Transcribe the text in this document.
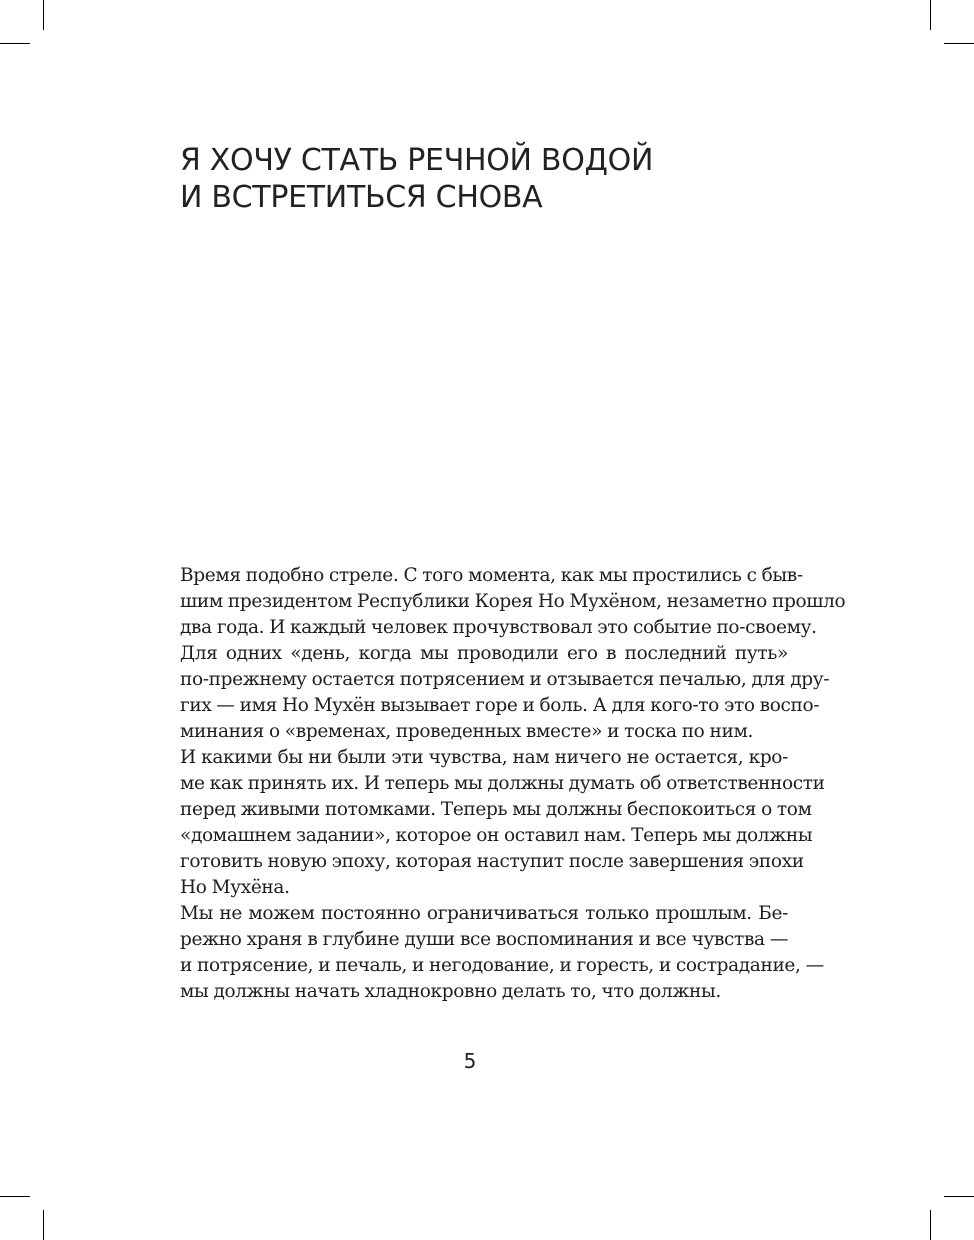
Я ХОЧУ СТАТЬ РЕЧНОЙ ВОДОЙ
И ВСТРЕТИТЬСЯ СНОВА

Время подобно стреле. С того момента, как мы простились с быв-
шим президентом Республики Корея Но Мухёном, незаметно прошло
два года. И каждый человек прочувствовал это событие по-своему.

Для одних «день, когда мы проводили его в последний путь»
по-прежнему остается потрясением и отзывается печалью, для дру-
гих — имя Но Мухён вызывает горе и боль. А для кого-то это воспо-
минания о «временах, проведенных вместе» и тоска по ним.

И какими бы ни были эти чувства, нам ничего не остается, кро-
ме как принять их. И теперь мы должны думать об ответственности
перед живыми потомками. Теперь мы должны беспокоиться о том
«домашнем задании», которое он оставил нам. Теперь мы должны
готовить новую эпоху, которая наступит после завершения эпохи
Но Мухёна.

Мы не можем постоянно ограничиваться только прошлым. Бе-
режно храня в глубине души все воспоминания и все чувства —
и потрясение, и печаль, и негодование, и горесть, и сострадание, —
мы должны начать хладнокровно делать то, что должны.

5
